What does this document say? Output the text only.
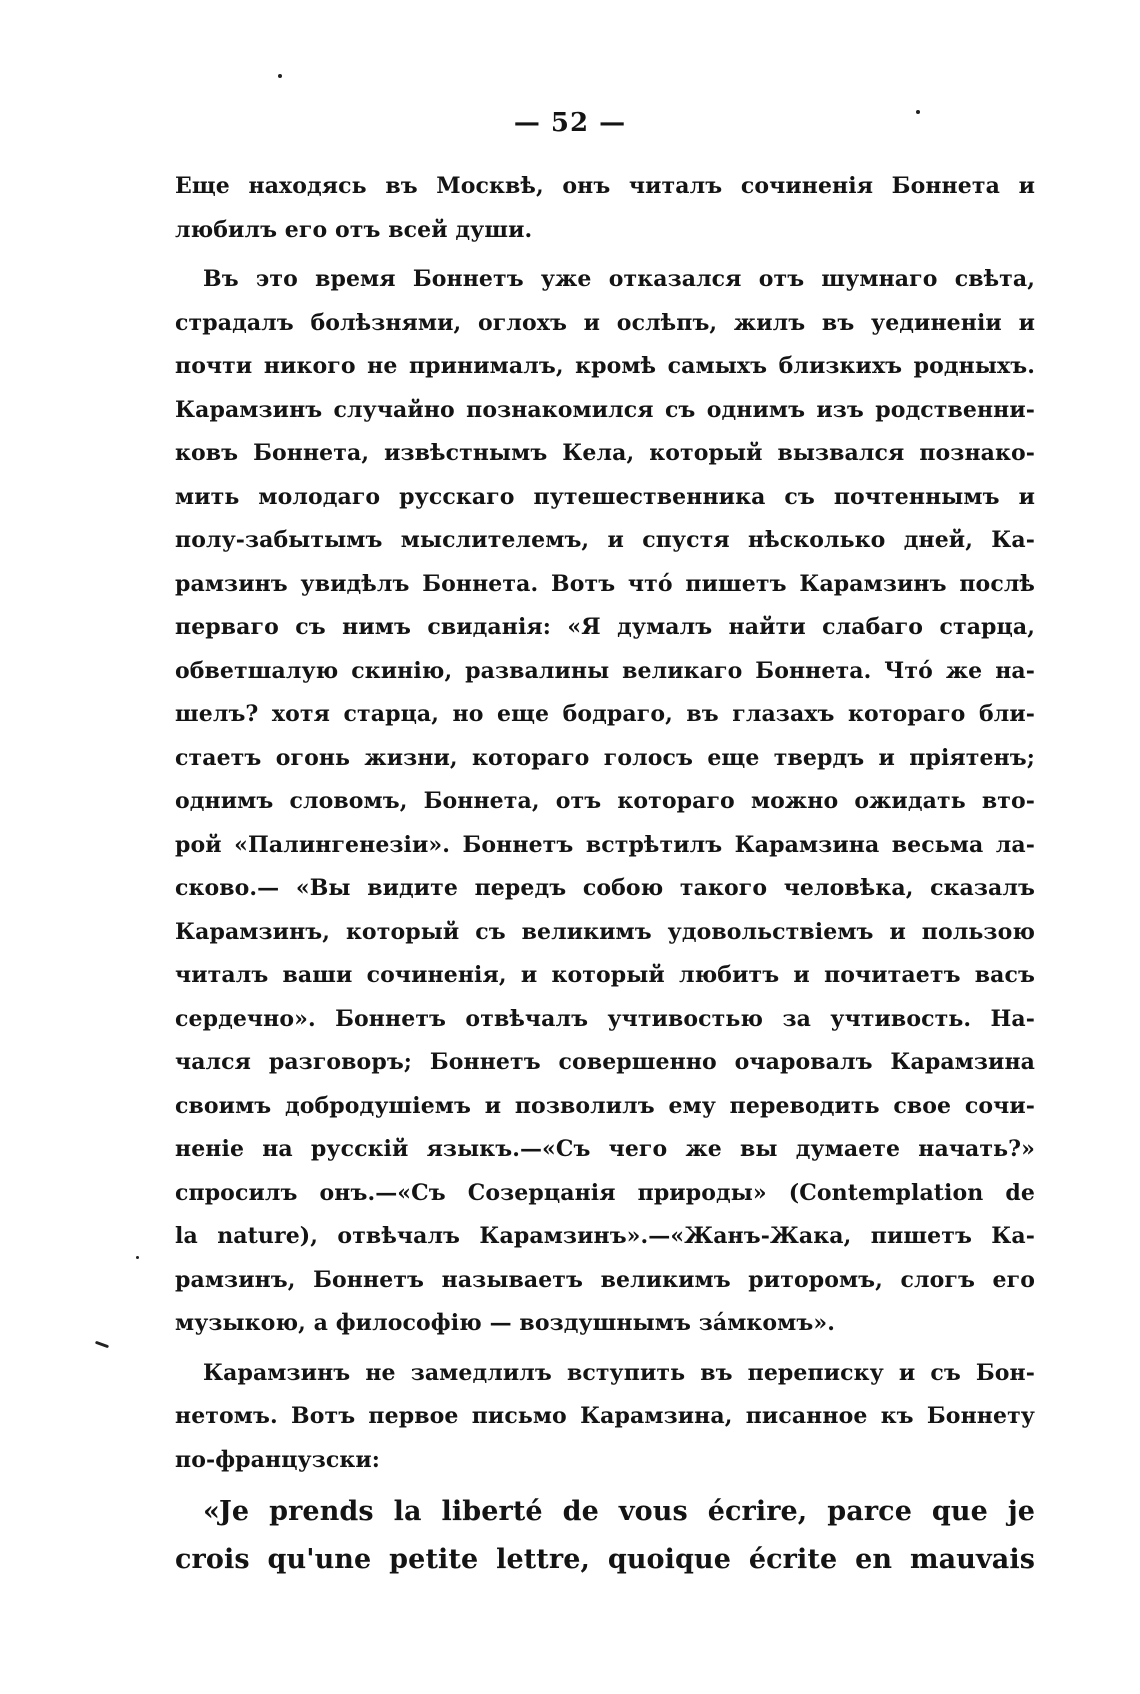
— 52 —
Еще находясь въ Москвѣ, онъ читалъ сочиненія Боннета и
любилъ его отъ всей души.
Въ это время Боннетъ уже отказался отъ шумнаго свѣта,
страдалъ болѣзнями, оглохъ и ослѣпъ, жилъ въ уединеніи и
почти никого не принималъ, кромѣ самыхъ близкихъ родныхъ.
Карамзинъ случайно познакомился съ однимъ изъ родственни-
ковъ Боннета, извѣстнымъ Кела, который вызвался познако-
мить молодаго русскаго путешественника съ почтеннымъ и
полу-забытымъ мыслителемъ, и спустя нѣсколько дней, Ка-
рамзинъ увидѣлъ Боннета. Вотъ что́ пишетъ Карамзинъ послѣ
перваго съ нимъ свиданія: «Я думалъ найти слабаго старца,
обветшалую скинію, развалины великаго Боннета. Что́ же на-
шелъ? хотя старца, но еще бодраго, въ глазахъ котораго бли-
стаетъ огонь жизни, котораго голосъ еще твердъ и пріятенъ;
однимъ словомъ, Боннета, отъ котораго можно ожидать вто-
рой «Палингенезіи». Боннетъ встрѣтилъ Карамзина весьма ла-
сково.— «Вы видите передъ собою такого человѣка, сказалъ
Карамзинъ, который съ великимъ удовольствіемъ и пользою
читалъ ваши сочиненія, и который любитъ и почитаетъ васъ
сердечно». Боннетъ отвѣчалъ учтивостью за учтивость. На-
чался разговоръ; Боннетъ совершенно очаровалъ Карамзина
своимъ добродушіемъ и позволилъ ему переводить свое сочи-
неніе на русскій языкъ.—«Съ чего же вы думаете начать?»
спросилъ онъ.—«Съ Созерцанія природы» (Contemplation de
la nature), отвѣчалъ Карамзинъ».—«Жанъ-Жака, пишетъ Ка-
рамзинъ, Боннетъ называетъ великимъ риторомъ, слогъ его
музыкою, а философію — воздушнымъ за́мкомъ».
Карамзинъ не замедлилъ вступить въ переписку и съ Бон-
нетомъ. Вотъ первое письмо Карамзина, писанное къ Боннету
по-французски:
«Je prends la liberté de vous écrire, parce que je
crois qu'une petite lettre, quoique écrite en mauvais
